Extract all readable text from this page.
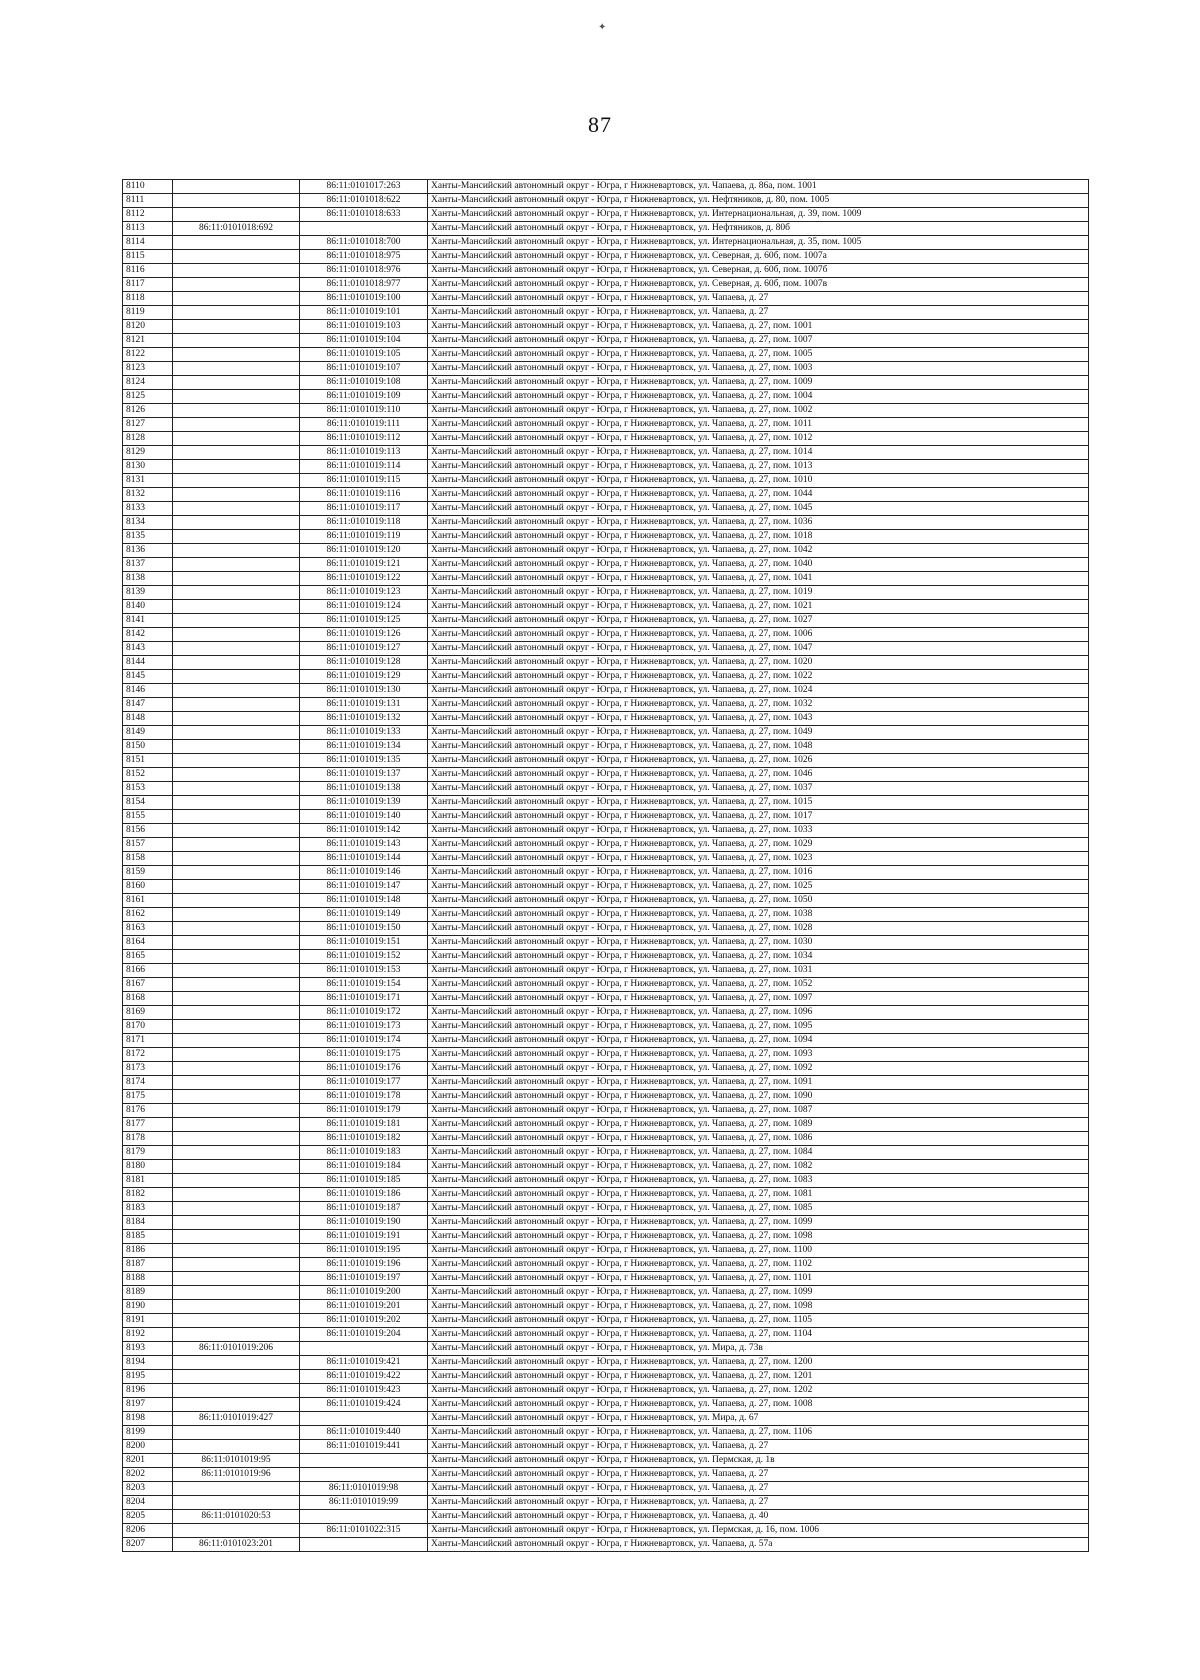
✦
87
8110		86:11:0101017:263	Ханты-Мансийский автономный округ - Югра, г Нижневартовск, ул. Чапаева, д. 86а, пом. 1001
8111		86:11:0101018:622	Ханты-Мансийский автономный округ - Югра, г Нижневартовск, ул. Нефтяников, д. 80, пом. 1005
8112		86:11:0101018:633	Ханты-Мансийский автономный округ - Югра, г Нижневартовск, ул. Интернациональная, д. 39, пом. 1009
8113	86:11:0101018:692		Ханты-Мансийский автономный округ - Югра, г Нижневартовск, ул. Нефтяников, д. 80б
8114		86:11:0101018:700	Ханты-Мансийский автономный округ - Югра, г Нижневартовск, ул. Интернациональная, д. 35, пом. 1005
8115		86:11:0101018:975	Ханты-Мансийский автономный округ - Югра, г Нижневартовск, ул. Северная, д. 60б, пом. 1007а
8116		86:11:0101018:976	Ханты-Мансийский автономный округ - Югра, г Нижневартовск, ул. Северная, д. 60б, пом. 1007б
8117		86:11:0101018:977	Ханты-Мансийский автономный округ - Югра, г Нижневартовск, ул. Северная, д. 60б, пом. 1007в
8118		86:11:0101019:100	Ханты-Мансийский автономный округ - Югра, г Нижневартовск, ул. Чапаева, д. 27
8119		86:11:0101019:101	Ханты-Мансийский автономный округ - Югра, г Нижневартовск, ул. Чапаева, д. 27
8120		86:11:0101019:103	Ханты-Мансийский автономный округ - Югра, г Нижневартовск, ул. Чапаева, д. 27, пом. 1001
8121		86:11:0101019:104	Ханты-Мансийский автономный округ - Югра, г Нижневартовск, ул. Чапаева, д. 27, пом. 1007
8122		86:11:0101019:105	Ханты-Мансийский автономный округ - Югра, г Нижневартовск, ул. Чапаева, д. 27, пом. 1005
8123		86:11:0101019:107	Ханты-Мансийский автономный округ - Югра, г Нижневартовск, ул. Чапаева, д. 27, пом. 1003
8124		86:11:0101019:108	Ханты-Мансийский автономный округ - Югра, г Нижневартовск, ул. Чапаева, д. 27, пом. 1009
8125		86:11:0101019:109	Ханты-Мансийский автономный округ - Югра, г Нижневартовск, ул. Чапаева, д. 27, пом. 1004
8126		86:11:0101019:110	Ханты-Мансийский автономный округ - Югра, г Нижневартовск, ул. Чапаева, д. 27, пом. 1002
8127		86:11:0101019:111	Ханты-Мансийский автономный округ - Югра, г Нижневартовск, ул. Чапаева, д. 27, пом. 1011
8128		86:11:0101019:112	Ханты-Мансийский автономный округ - Югра, г Нижневартовск, ул. Чапаева, д. 27, пом. 1012
8129		86:11:0101019:113	Ханты-Мансийский автономный округ - Югра, г Нижневартовск, ул. Чапаева, д. 27, пом. 1014
8130		86:11:0101019:114	Ханты-Мансийский автономный округ - Югра, г Нижневартовск, ул. Чапаева, д. 27, пом. 1013
8131		86:11:0101019:115	Ханты-Мансийский автономный округ - Югра, г Нижневартовск, ул. Чапаева, д. 27, пом. 1010
8132		86:11:0101019:116	Ханты-Мансийский автономный округ - Югра, г Нижневартовск, ул. Чапаева, д. 27, пом. 1044
8133		86:11:0101019:117	Ханты-Мансийский автономный округ - Югра, г Нижневартовск, ул. Чапаева, д. 27, пом. 1045
8134		86:11:0101019:118	Ханты-Мансийский автономный округ - Югра, г Нижневартовск, ул. Чапаева, д. 27, пом. 1036
8135		86:11:0101019:119	Ханты-Мансийский автономный округ - Югра, г Нижневартовск, ул. Чапаева, д. 27, пом. 1018
8136		86:11:0101019:120	Ханты-Мансийский автономный округ - Югра, г Нижневартовск, ул. Чапаева, д. 27, пом. 1042
8137		86:11:0101019:121	Ханты-Мансийский автономный округ - Югра, г Нижневартовск, ул. Чапаева, д. 27, пом. 1040
8138		86:11:0101019:122	Ханты-Мансийский автономный округ - Югра, г Нижневартовск, ул. Чапаева, д. 27, пом. 1041
8139		86:11:0101019:123	Ханты-Мансийский автономный округ - Югра, г Нижневартовск, ул. Чапаева, д. 27, пом. 1019
8140		86:11:0101019:124	Ханты-Мансийский автономный округ - Югра, г Нижневартовск, ул. Чапаева, д. 27, пом. 1021
8141		86:11:0101019:125	Ханты-Мансийский автономный округ - Югра, г Нижневартовск, ул. Чапаева, д. 27, пом. 1027
8142		86:11:0101019:126	Ханты-Мансийский автономный округ - Югра, г Нижневартовск, ул. Чапаева, д. 27, пом. 1006
8143		86:11:0101019:127	Ханты-Мансийский автономный округ - Югра, г Нижневартовск, ул. Чапаева, д. 27, пом. 1047
8144		86:11:0101019:128	Ханты-Мансийский автономный округ - Югра, г Нижневартовск, ул. Чапаева, д. 27, пом. 1020
8145		86:11:0101019:129	Ханты-Мансийский автономный округ - Югра, г Нижневартовск, ул. Чапаева, д. 27, пом. 1022
8146		86:11:0101019:130	Ханты-Мансийский автономный округ - Югра, г Нижневартовск, ул. Чапаева, д. 27, пом. 1024
8147		86:11:0101019:131	Ханты-Мансийский автономный округ - Югра, г Нижневартовск, ул. Чапаева, д. 27, пом. 1032
8148		86:11:0101019:132	Ханты-Мансийский автономный округ - Югра, г Нижневартовск, ул. Чапаева, д. 27, пом. 1043
8149		86:11:0101019:133	Ханты-Мансийский автономный округ - Югра, г Нижневартовск, ул. Чапаева, д. 27, пом. 1049
8150		86:11:0101019:134	Ханты-Мансийский автономный округ - Югра, г Нижневартовск, ул. Чапаева, д. 27, пом. 1048
8151		86:11:0101019:135	Ханты-Мансийский автономный округ - Югра, г Нижневартовск, ул. Чапаева, д. 27, пом. 1026
8152		86:11:0101019:137	Ханты-Мансийский автономный округ - Югра, г Нижневартовск, ул. Чапаева, д. 27, пом. 1046
8153		86:11:0101019:138	Ханты-Мансийский автономный округ - Югра, г Нижневартовск, ул. Чапаева, д. 27, пом. 1037
8154		86:11:0101019:139	Ханты-Мансийский автономный округ - Югра, г Нижневартовск, ул. Чапаева, д. 27, пом. 1015
8155		86:11:0101019:140	Ханты-Мансийский автономный округ - Югра, г Нижневартовск, ул. Чапаева, д. 27, пом. 1017
8156		86:11:0101019:142	Ханты-Мансийский автономный округ - Югра, г Нижневартовск, ул. Чапаева, д. 27, пом. 1033
8157		86:11:0101019:143	Ханты-Мансийский автономный округ - Югра, г Нижневартовск, ул. Чапаева, д. 27, пом. 1029
8158		86:11:0101019:144	Ханты-Мансийский автономный округ - Югра, г Нижневартовск, ул. Чапаева, д. 27, пом. 1023
8159		86:11:0101019:146	Ханты-Мансийский автономный округ - Югра, г Нижневартовск, ул. Чапаева, д. 27, пом. 1016
8160		86:11:0101019:147	Ханты-Мансийский автономный округ - Югра, г Нижневартовск, ул. Чапаева, д. 27, пом. 1025
8161		86:11:0101019:148	Ханты-Мансийский автономный округ - Югра, г Нижневартовск, ул. Чапаева, д. 27, пом. 1050
8162		86:11:0101019:149	Ханты-Мансийский автономный округ - Югра, г Нижневартовск, ул. Чапаева, д. 27, пом. 1038
8163		86:11:0101019:150	Ханты-Мансийский автономный округ - Югра, г Нижневартовск, ул. Чапаева, д. 27, пом. 1028
8164		86:11:0101019:151	Ханты-Мансийский автономный округ - Югра, г Нижневартовск, ул. Чапаева, д. 27, пом. 1030
8165		86:11:0101019:152	Ханты-Мансийский автономный округ - Югра, г Нижневартовск, ул. Чапаева, д. 27, пом. 1034
8166		86:11:0101019:153	Ханты-Мансийский автономный округ - Югра, г Нижневартовск, ул. Чапаева, д. 27, пом. 1031
8167		86:11:0101019:154	Ханты-Мансийский автономный округ - Югра, г Нижневартовск, ул. Чапаева, д. 27, пом. 1052
8168		86:11:0101019:171	Ханты-Мансийский автономный округ - Югра, г Нижневартовск, ул. Чапаева, д. 27, пом. 1097
8169		86:11:0101019:172	Ханты-Мансийский автономный округ - Югра, г Нижневартовск, ул. Чапаева, д. 27, пом. 1096
8170		86:11:0101019:173	Ханты-Мансийский автономный округ - Югра, г Нижневартовск, ул. Чапаева, д. 27, пом. 1095
8171		86:11:0101019:174	Ханты-Мансийский автономный округ - Югра, г Нижневартовск, ул. Чапаева, д. 27, пом. 1094
8172		86:11:0101019:175	Ханты-Мансийский автономный округ - Югра, г Нижневартовск, ул. Чапаева, д. 27, пом. 1093
8173		86:11:0101019:176	Ханты-Мансийский автономный округ - Югра, г Нижневартовск, ул. Чапаева, д. 27, пом. 1092
8174		86:11:0101019:177	Ханты-Мансийский автономный округ - Югра, г Нижневартовск, ул. Чапаева, д. 27, пом. 1091
8175		86:11:0101019:178	Ханты-Мансийский автономный округ - Югра, г Нижневартовск, ул. Чапаева, д. 27, пом. 1090
8176		86:11:0101019:179	Ханты-Мансийский автономный округ - Югра, г Нижневартовск, ул. Чапаева, д. 27, пом. 1087
8177		86:11:0101019:181	Ханты-Мансийский автономный округ - Югра, г Нижневартовск, ул. Чапаева, д. 27, пом. 1089
8178		86:11:0101019:182	Ханты-Мансийский автономный округ - Югра, г Нижневартовск, ул. Чапаева, д. 27, пом. 1086
8179		86:11:0101019:183	Ханты-Мансийский автономный округ - Югра, г Нижневартовск, ул. Чапаева, д. 27, пом. 1084
8180		86:11:0101019:184	Ханты-Мансийский автономный округ - Югра, г Нижневартовск, ул. Чапаева, д. 27, пом. 1082
8181		86:11:0101019:185	Ханты-Мансийский автономный округ - Югра, г Нижневартовск, ул. Чапаева, д. 27, пом. 1083
8182		86:11:0101019:186	Ханты-Мансийский автономный округ - Югра, г Нижневартовск, ул. Чапаева, д. 27, пом. 1081
8183		86:11:0101019:187	Ханты-Мансийский автономный округ - Югра, г Нижневартовск, ул. Чапаева, д. 27, пом. 1085
8184		86:11:0101019:190	Ханты-Мансийский автономный округ - Югра, г Нижневартовск, ул. Чапаева, д. 27, пом. 1099
8185		86:11:0101019:191	Ханты-Мансийский автономный округ - Югра, г Нижневартовск, ул. Чапаева, д. 27, пом. 1098
8186		86:11:0101019:195	Ханты-Мансийский автономный округ - Югра, г Нижневартовск, ул. Чапаева, д. 27, пом. 1100
8187		86:11:0101019:196	Ханты-Мансийский автономный округ - Югра, г Нижневартовск, ул. Чапаева, д. 27, пом. 1102
8188		86:11:0101019:197	Ханты-Мансийский автономный округ - Югра, г Нижневартовск, ул. Чапаева, д. 27, пом. 1101
8189		86:11:0101019:200	Ханты-Мансийский автономный округ - Югра, г Нижневартовск, ул. Чапаева, д. 27, пом. 1099
8190		86:11:0101019:201	Ханты-Мансийский автономный округ - Югра, г Нижневартовск, ул. Чапаева, д. 27, пом. 1098
8191		86:11:0101019:202	Ханты-Мансийский автономный округ - Югра, г Нижневартовск, ул. Чапаева, д. 27, пом. 1105
8192		86:11:0101019:204	Ханты-Мансийский автономный округ - Югра, г Нижневартовск, ул. Чапаева, д. 27, пом. 1104
8193	86:11:0101019:206		Ханты-Мансийский автономный округ - Югра, г Нижневартовск, ул. Мира, д. 73в
8194		86:11:0101019:421	Ханты-Мансийский автономный округ - Югра, г Нижневартовск, ул. Чапаева, д. 27, пом. 1200
8195		86:11:0101019:422	Ханты-Мансийский автономный округ - Югра, г Нижневартовск, ул. Чапаева, д. 27, пом. 1201
8196		86:11:0101019:423	Ханты-Мансийский автономный округ - Югра, г Нижневартовск, ул. Чапаева, д. 27, пом. 1202
8197		86:11:0101019:424	Ханты-Мансийский автономный округ - Югра, г Нижневартовск, ул. Чапаева, д. 27, пом. 1008
8198	86:11:0101019:427		Ханты-Мансийский автономный округ - Югра, г Нижневартовск, ул. Мира, д. 67
8199		86:11:0101019:440	Ханты-Мансийский автономный округ - Югра, г Нижневартовск, ул. Чапаева, д. 27, пом. 1106
8200		86:11:0101019:441	Ханты-Мансийский автономный округ - Югра, г Нижневартовск, ул. Чапаева, д. 27
8201	86:11:0101019:95		Ханты-Мансийский автономный округ - Югра, г Нижневартовск, ул. Пермская, д. 1в
8202	86:11:0101019:96		Ханты-Мансийский автономный округ - Югра, г Нижневартовск, ул. Чапаева, д. 27
8203		86:11:0101019:98	Ханты-Мансийский автономный округ - Югра, г Нижневартовск, ул. Чапаева, д. 27
8204		86:11:0101019:99	Ханты-Мансийский автономный округ - Югра, г Нижневартовск, ул. Чапаева, д. 27
8205	86:11:0101020:53		Ханты-Мансийский автономный округ - Югра, г Нижневартовск, ул. Чапаева, д. 40
8206		86:11:0101022:315	Ханты-Мансийский автономный округ - Югра, г Нижневартовск, ул. Пермская, д. 16, пом. 1006
8207	86:11:0101023:201		Ханты-Мансийский автономный округ - Югра, г Нижневартовск, ул. Чапаева, д. 57а
